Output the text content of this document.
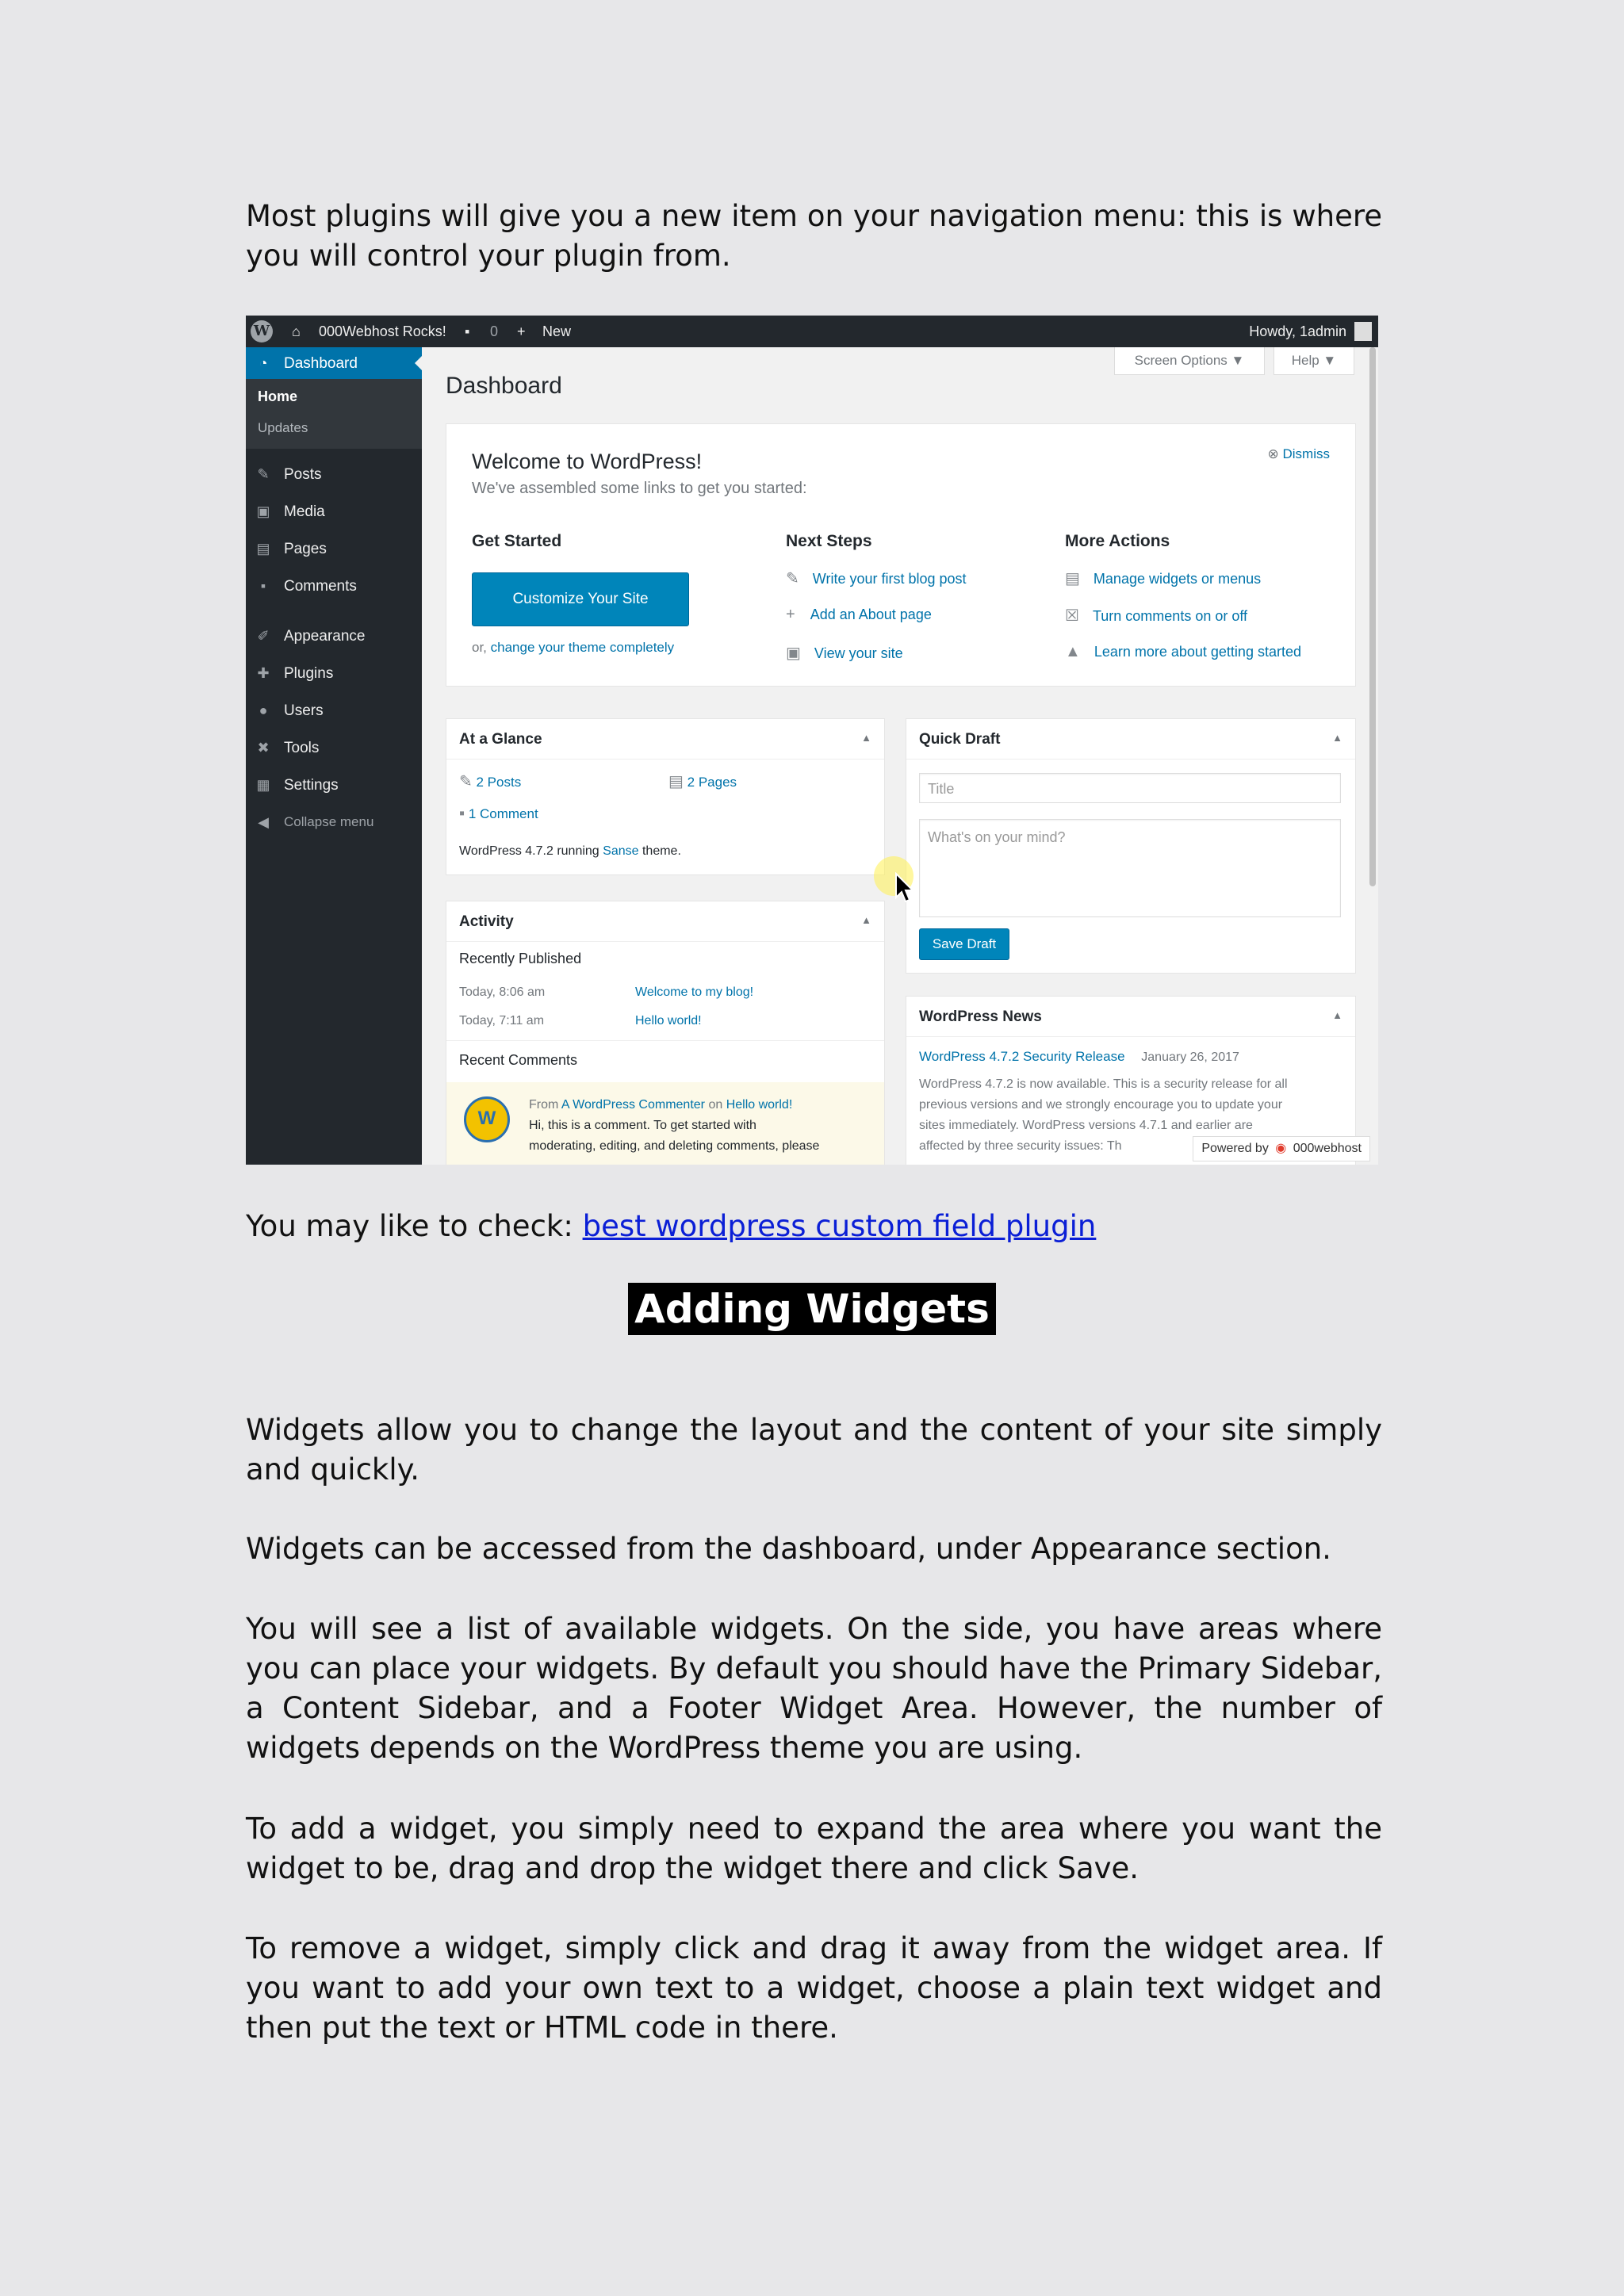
Most plugins will give you a new item on your navigation menu: this is where you will control your plugin from.

W ⌂ 000Webhost Rocks! ▪ 0 + New	Howdy, 1admin
◔ Dashboard
Home
Updates
✎ Posts
▣ Media
▤ Pages
▪	Comments
✐ Appearance
✚ Plugins
● Users
✖ Tools
▦ Settings
◀ Collapse menu
Screen Options ▼	Help ▼
Dashboard
Welcome to WordPress!
We've assembled some links to get you started:
⊗ Dismiss
Get Started
Customize Your Site
or, change your theme completely
Next Steps
✎ Write your first blog post
+ Add an About page
▣ View your site
More Actions
▤ Manage widgets or menus
☒ Turn comments on or off
▲ Learn more about getting started
At a Glance	▲
✎ 2 Posts	▤ 2 Pages
▪ 1 Comment
WordPress 4.7.2 running Sanse theme.
Activity	▲
Recently Published
Today, 8:06 am	Welcome to my blog!
Today, 7:11 am	Hello world!
Recent Comments
W
From A WordPress Commenter on Hello world!
Hi, this is a comment. To get started with
moderating, editing, and deleting comments, please
Quick Draft	▲
Title
What's on your mind?
Save Draft
WordPress News	▲
WordPress 4.7.2 Security Release January 26, 2017
WordPress 4.7.2 is now available. This is a security release for all
previous versions and we strongly encourage you to update your
sites immediately. WordPress versions 4.7.1 and earlier are
affected by three security issues: Th	Powered by ◉ 000webhost

You may like to check: best wordpress custom field plugin

Adding Widgets

Widgets allow you to change the layout and the content of your site simply and quickly.

Widgets can be accessed from the dashboard, under Appearance section.

You will see a list of available widgets. On the side, you have areas where you can place your widgets. By default you should have the Primary Sidebar, a Content Sidebar, and a Footer Widget Area. However, the number of widgets depends on the WordPress theme you are using.

To add a widget, you simply need to expand the area where you want the widget to be, drag and drop the widget there and click Save.

To remove a widget, simply click and drag it away from the widget area. If you want to add your own text to a widget, choose a plain text widget and then put the text or HTML code in there.
